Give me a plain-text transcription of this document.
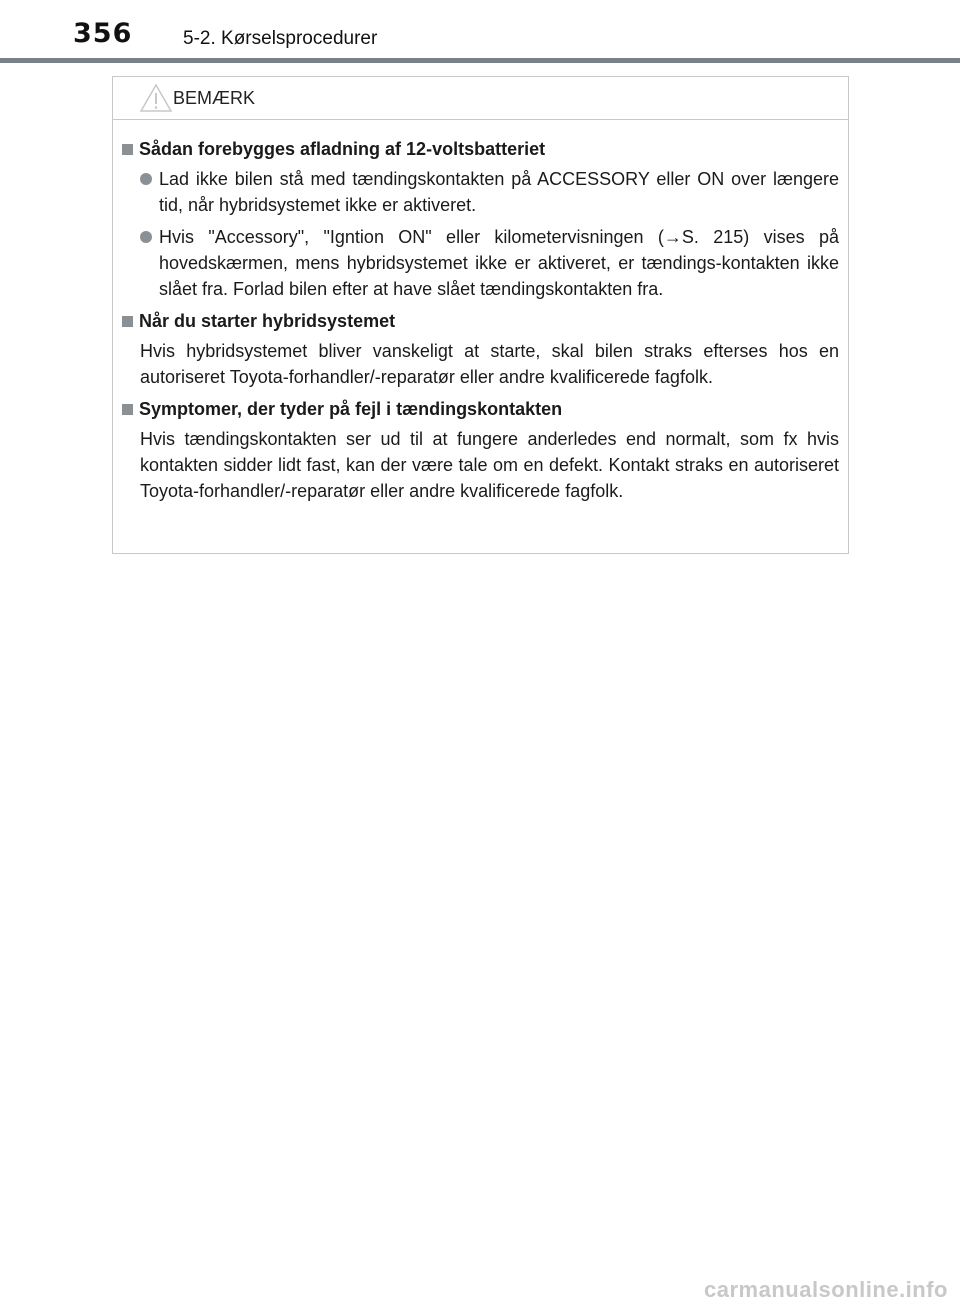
356	5-2. Kørselsprocedurer
BEMÆRK
Sådan forebygges afladning af 12-voltsbatteriet
Lad ikke bilen stå med tændingskontakten på ACCESSORY eller ON over længere tid, når hybridsystemet ikke er aktiveret.
Hvis "Accessory", "Igntion ON" eller kilometervisningen (→S. 215) vises på hovedskærmen, mens hybridsystemet ikke er aktiveret, er tændings-kontakten ikke slået fra. Forlad bilen efter at have slået tændingskontakten fra.
Når du starter hybridsystemet
Hvis hybridsystemet bliver vanskeligt at starte, skal bilen straks efterses hos en autoriseret Toyota-forhandler/-reparatør eller andre kvalificerede fagfolk.
Symptomer, der tyder på fejl i tændingskontakten
Hvis tændingskontakten ser ud til at fungere anderledes end normalt, som fx hvis kontakten sidder lidt fast, kan der være tale om en defekt. Kontakt straks en autoriseret Toyota-forhandler/-reparatør eller andre kvalificerede fagfolk.
carmanualsonline.info
